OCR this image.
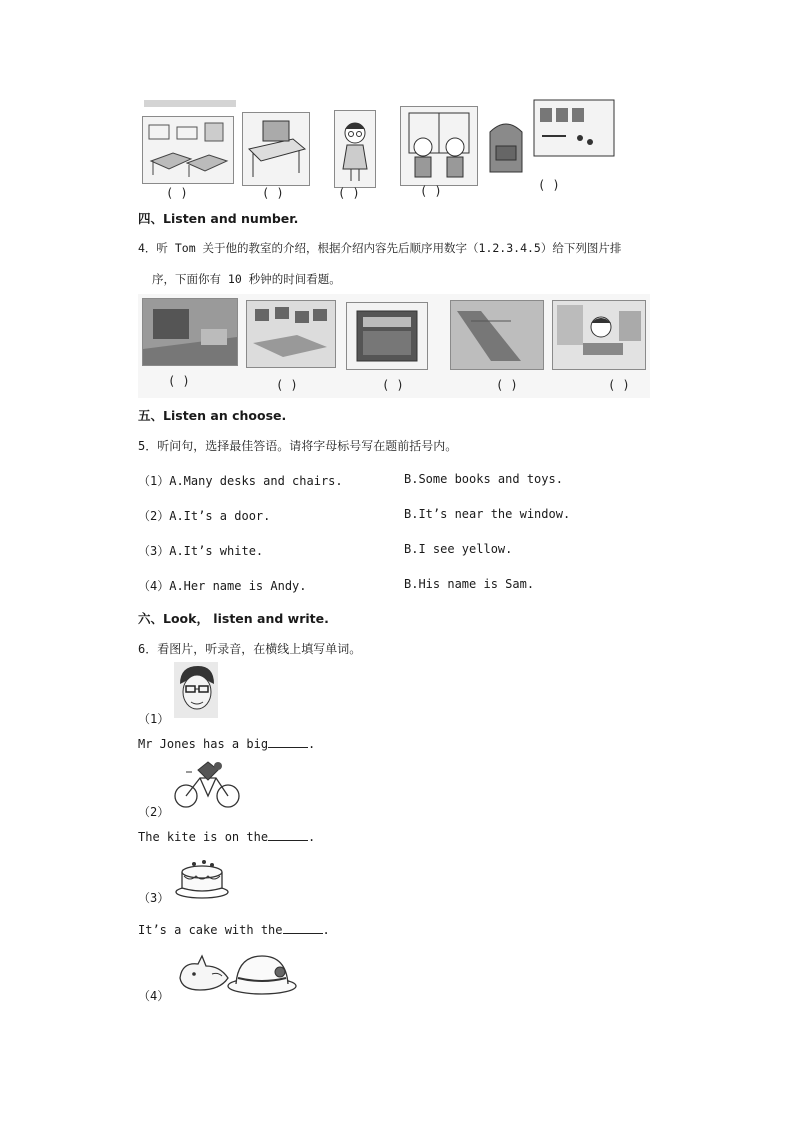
( )	( )	( )	( )	( )
四、Listen and number.
4．听 Tom 关于他的教室的介绍，根据介绍内容先后顺序用数字（1.2.3.4.5）给下列图片排
序，下面你有 10 秒钟的时间看题。
( )	( )	( )	( )	( )
五、Listen an choose.
5．听问句，选择最佳答语。请将字母标号写在题前括号内。
（1）A.Many desks and chairs.	B.Some books and toys.
（2）A.It’s a door.	B.It’s near the window.
（3）A.It’s white.	B.I see yellow.
（4）A.Her name is Andy.	B.His name is Sam.
六、Look， listen and write.
6．看图片，听录音，在横线上填写单词。
（1）
Mr Jones has a big	.
（2）
The kite is on the	.
（3）
It’s a cake with the	.
（4）
